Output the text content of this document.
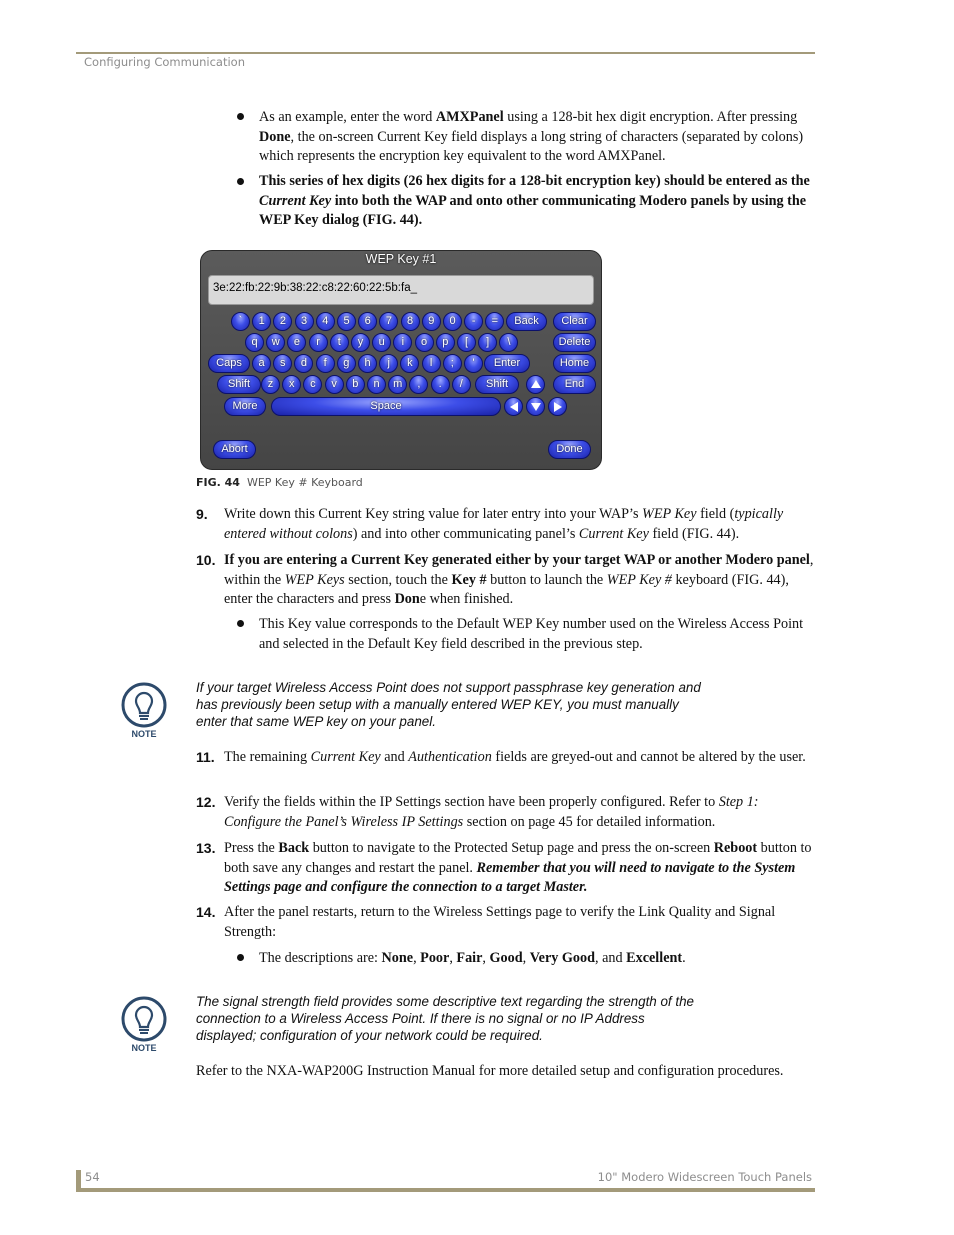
Configuring Communication
As an example, enter the word AMXPanel using a 128-bit hex digit encryption. After pressing Done, the on-screen Current Key field displays a long string of characters (separated by colons) which represents the encryption key equivalent to the word AMXPanel.
This series of hex digits (26 hex digits for a 128-bit encryption key) should be entered as the Current Key into both the WAP and onto other communicating Modero panels by using the WEP Key dialog (FIG. 44).
WEP Key #1
3e:22:fb:22:9b:38:22:c8:22:60:22:5b:fa_
`	1	2	3	4	5	6	7	8	9	0	-	=
q	w	e	r	t	y	u	i	o	p	[	]	\
a	s	d	f	g	h	j	k	l	;	'
z	x	c	v	b	n	m	,	.	/
Back	Clear
Delete
Caps	Enter	Home
Shift	Shift	End
More	Space
Abort	Done
FIG. 44 WEP Key # Keyboard
9. Write down this Current Key string value for later entry into your WAP’s WEP Key field (typically entered without colons) and into other communicating panel’s Current Key field (FIG. 44).
10. If you are entering a Current Key generated either by your target WAP or another Modero panel, within the WEP Keys section, touch the Key # button to launch the WEP Key # keyboard (FIG. 44), enter the characters and press Done when finished.
This Key value corresponds to the Default WEP Key number used on the Wireless Access Point and selected in the Default Key field described in the previous step.
NOTE
If your target Wireless Access Point does not support passphrase key generation and
has previously been setup with a manually entered WEP KEY, you must manually
enter that same WEP key on your panel.
11. The remaining Current Key and Authentication fields are greyed-out and cannot be altered by the user.
12. Verify the fields within the IP Settings section have been properly configured. Refer to Step 1: Configure the Panel’s Wireless IP Settings section on page 45 for detailed information.
13. Press the Back button to navigate to the Protected Setup page and press the on-screen Reboot button to both save any changes and restart the panel. Remember that you will need to navigate to the System Settings page and configure the connection to a target Master.
14. After the panel restarts, return to the Wireless Settings page to verify the Link Quality and Signal Strength:
The descriptions are: None, Poor, Fair, Good, Very Good, and Excellent.
NOTE
The signal strength field provides some descriptive text regarding the strength of the
connection to a Wireless Access Point. If there is no signal or no IP Address
displayed; configuration of your network could be required.
Refer to the NXA-WAP200G Instruction Manual for more detailed setup and configuration procedures.
54	10" Modero Widescreen Touch Panels
